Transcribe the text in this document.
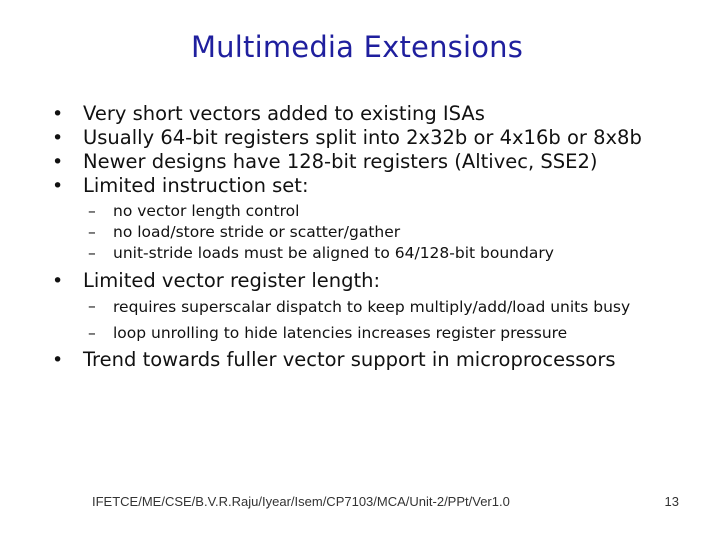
Multimedia Extensions
• Very short vectors added to existing ISAs
• Usually 64-bit registers split into 2x32b or 4x16b or 8x8b
• Newer designs have 128-bit registers (Altivec, SSE2)
• Limited instruction set:
– no vector length control
– no load/store stride or scatter/gather
– unit-stride loads must be aligned to 64/128-bit boundary
• Limited vector register length:
– requires superscalar dispatch to keep multiply/add/load units busy
– loop unrolling to hide latencies increases register pressure
• Trend towards fuller vector support in microprocessors
IFETCE/ME/CSE/B.V.R.Raju/Iyear/Isem/CP7103/MCA/Unit-2/PPt/Ver1.0	13
